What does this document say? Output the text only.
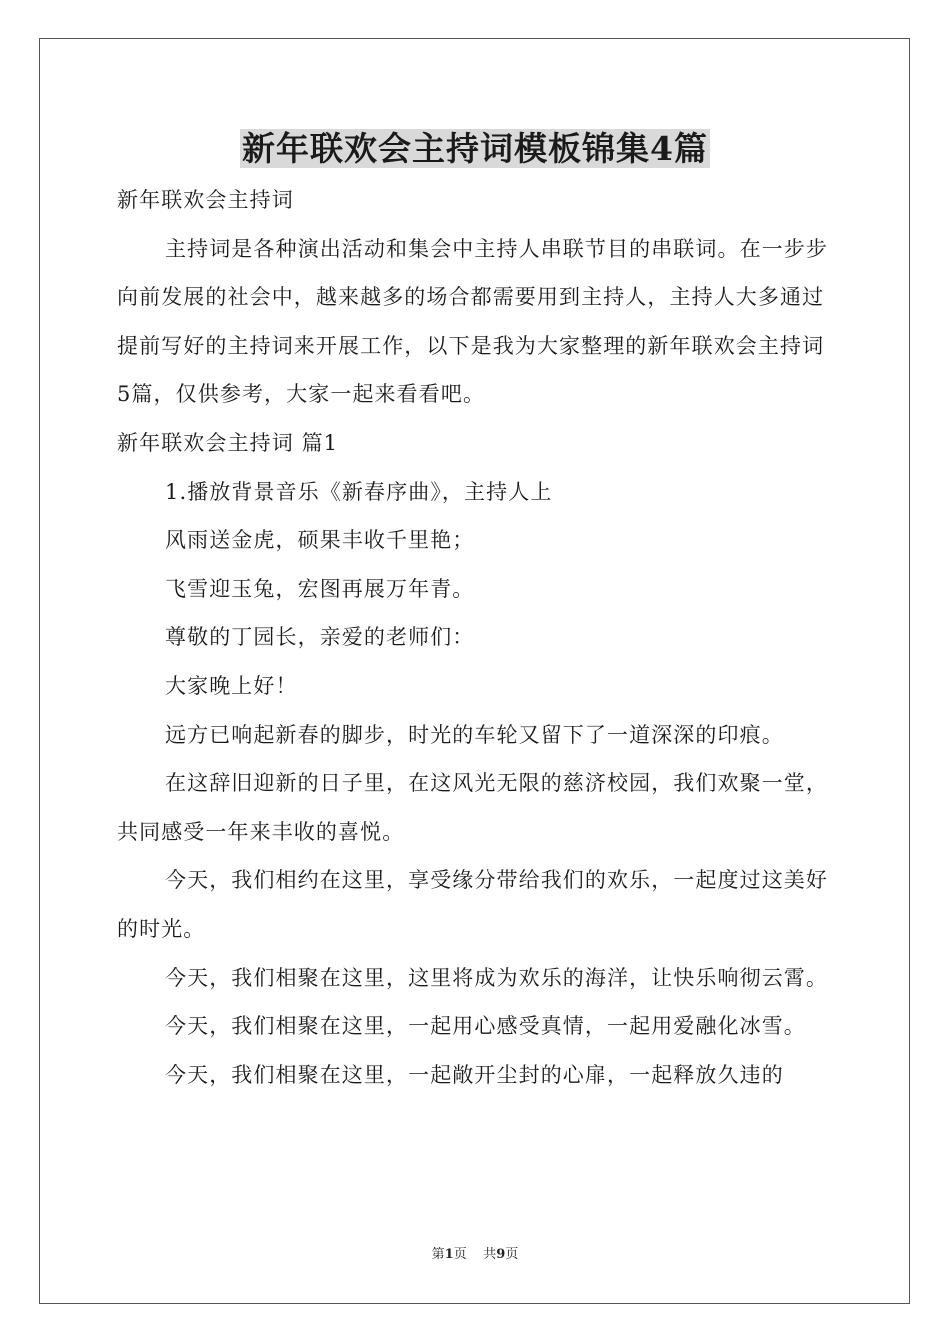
新年联欢会主持词模板锦集4篇

新年联欢会主持词

主持词是各种演出活动和集会中主持人串联节目的串联词。在一步步向前发展的社会中，越来越多的场合都需要用到主持人，主持人大多通过提前写好的主持词来开展工作，以下是我为大家整理的新年联欢会主持词5篇，仅供参考，大家一起来看看吧。

新年联欢会主持词 篇1

1.播放背景音乐《新春序曲》，主持人上

风雨送金虎，硕果丰收千里艳；

飞雪迎玉兔，宏图再展万年青。

尊敬的丁园长，亲爱的老师们：

大家晚上好！

远方已响起新春的脚步，时光的车轮又留下了一道深深的印痕。

在这辞旧迎新的日子里，在这风光无限的慈济校园，我们欢聚一堂，共同感受一年来丰收的喜悦。

今天，我们相约在这里，享受缘分带给我们的欢乐，一起度过这美好的时光。

今天，我们相聚在这里，这里将成为欢乐的海洋，让快乐响彻云霄。

今天，我们相聚在这里，一起用心感受真情，一起用爱融化冰雪。

今天，我们相聚在这里，一起敞开尘封的心扉，一起释放久违的

第1页 共9页
